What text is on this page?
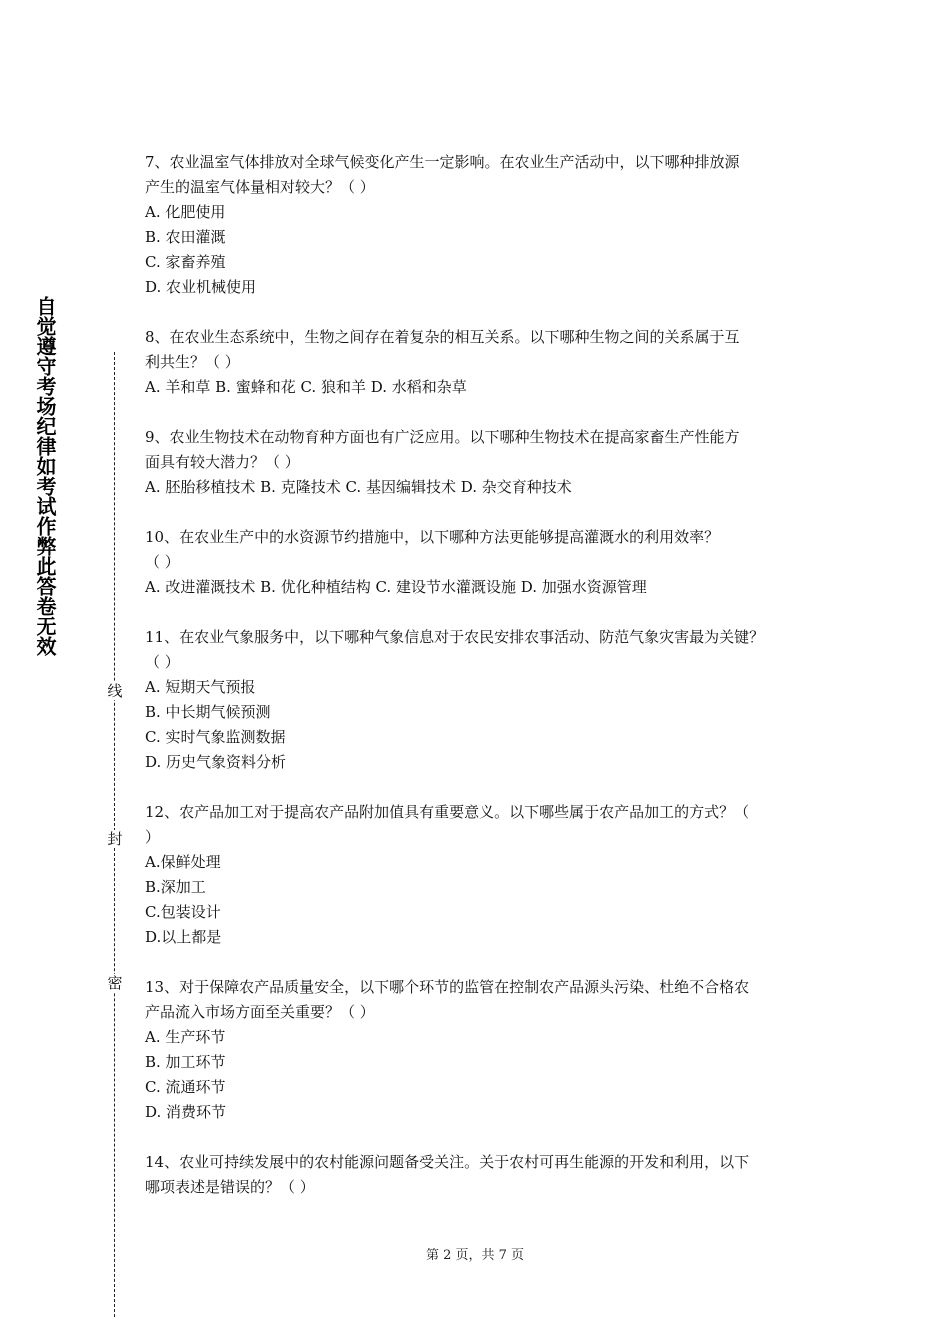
自觉遵守考场纪律如考试作弊此答卷无效
线
封
密
7、农业温室气体排放对全球气候变化产生一定影响。在农业生产活动中，以下哪种排放源
产生的温室气体量相对较大？（ ）
A. 化肥使用
B. 农田灌溉
C. 家畜养殖
D. 农业机械使用
8、在农业生态系统中，生物之间存在着复杂的相互关系。以下哪种生物之间的关系属于互
利共生？（ ）
A. 羊和草 B. 蜜蜂和花 C. 狼和羊 D. 水稻和杂草
9、农业生物技术在动物育种方面也有广泛应用。以下哪种生物技术在提高家畜生产性能方
面具有较大潜力？（ ）
A. 胚胎移植技术 B. 克隆技术 C. 基因编辑技术 D. 杂交育种技术
10、在农业生产中的水资源节约措施中，以下哪种方法更能够提高灌溉水的利用效率？
（ ）
A. 改进灌溉技术 B. 优化种植结构 C. 建设节水灌溉设施 D. 加强水资源管理
11、在农业气象服务中，以下哪种气象信息对于农民安排农事活动、防范气象灾害最为关键？
（ ）
A. 短期天气预报
B. 中长期气候预测
C. 实时气象监测数据
D. 历史气象资料分析
12、农产品加工对于提高农产品附加值具有重要意义。以下哪些属于农产品加工的方式？（
）
A.保鲜处理
B.深加工
C.包装设计
D.以上都是
13、对于保障农产品质量安全，以下哪个环节的监管在控制农产品源头污染、杜绝不合格农
产品流入市场方面至关重要？（ ）
A. 生产环节
B. 加工环节
C. 流通环节
D. 消费环节
14、农业可持续发展中的农村能源问题备受关注。关于农村可再生能源的开发和利用，以下
哪项表述是错误的？（ ）
第 2 页，共 7 页
